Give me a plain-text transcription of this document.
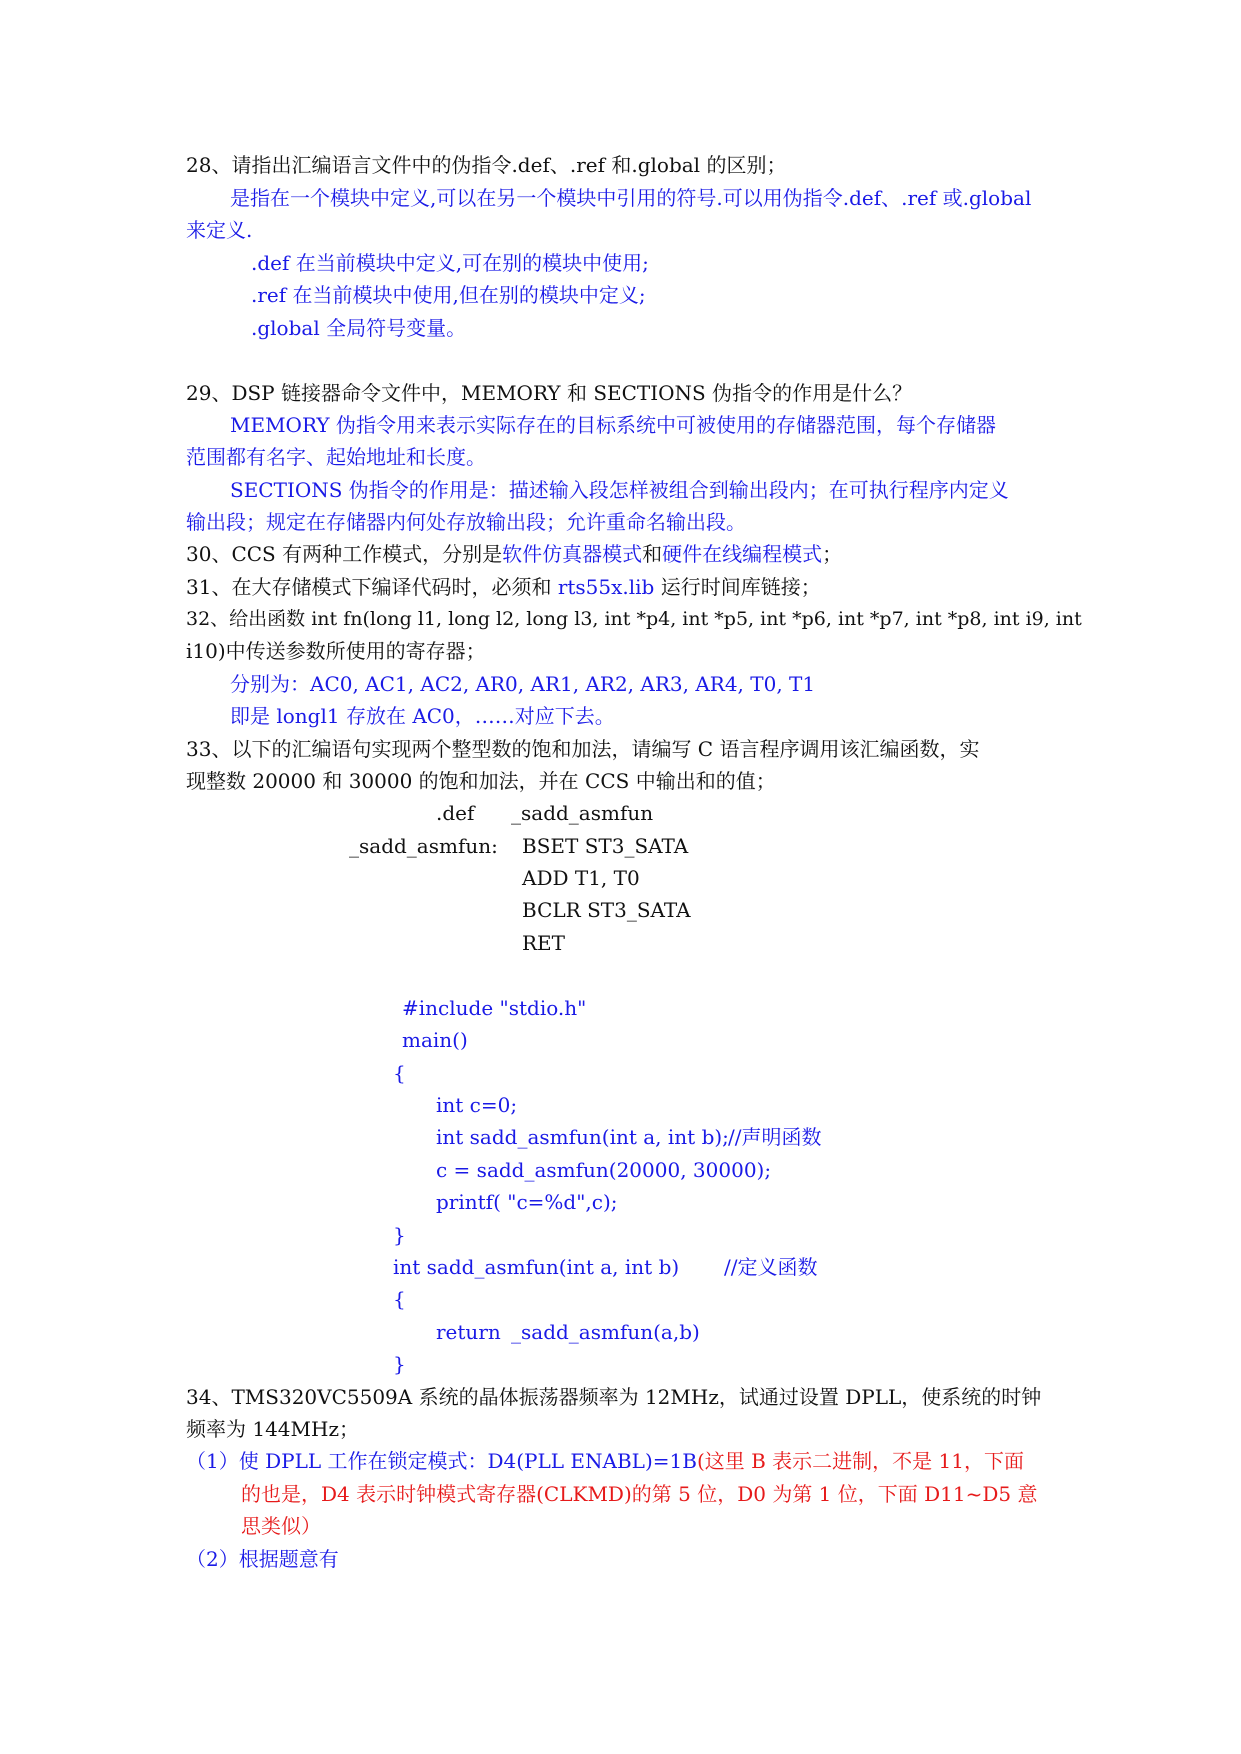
28、请指出汇编语言文件中的伪指令.def、.ref 和.global 的区别；
是指在一个模块中定义,可以在另一个模块中引用的符号.可以用伪指令.def、.ref 或.global
来定义.
.def 在当前模块中定义,可在别的模块中使用;
.ref 在当前模块中使用,但在别的模块中定义;
.global 全局符号变量。
29、DSP 链接器命令文件中，MEMORY 和 SECTIONS 伪指令的作用是什么？
MEMORY 伪指令用来表示实际存在的目标系统中可被使用的存储器范围，每个存储器
范围都有名字、起始地址和长度。
SECTIONS 伪指令的作用是：描述输入段怎样被组合到输出段内；在可执行程序内定义
输出段；规定在存储器内何处存放输出段；允许重命名输出段。
30、CCS 有两种工作模式，分别是软件仿真器模式和硬件在线编程模式；
31、在大存储模式下编译代码时，必须和 rts55x.lib 运行时间库链接；
32、给出函数 int fn(long l1, long l2, long l3, int *p4, int *p5, int *p6, int *p7, int *p8, int i9, int
i10)中传送参数所使用的寄存器；
分别为：AC0, AC1, AC2, AR0, AR1, AR2, AR3, AR4, T0, T1
即是 longl1 存放在 AC0，……对应下去。
33、以下的汇编语句实现两个整型数的饱和加法，请编写 C 语言程序调用该汇编函数，实
现整数 20000 和 30000 的饱和加法，并在 CCS 中输出和的值；
.def _sadd_asmfun
_sadd_asmfun: BSET ST3_SATA
ADD T1, T0
BCLR ST3_SATA
RET
#include "stdio.h"
main()
{
int c=0;
int sadd_asmfun(int a, int b); //声明函数
c = sadd_asmfun(20000, 30000);
printf( "c=%d",c);
}
int sadd_asmfun(int a, int b) //定义函数
{
return _sadd_asmfun(a,b)
}
34、TMS320VC5509A 系统的晶体振荡器频率为 12MHz，试通过设置 DPLL，使系统的时钟
频率为 144MHz；
（1）使 DPLL 工作在锁定模式：D4(PLL ENABL)=1B(这里 B 表示二进制，不是 11，下面
的也是，D4 表示时钟模式寄存器(CLKMD)的第 5 位，D0 为第 1 位，下面 D11~D5 意
思类似）
（2）根据题意有
